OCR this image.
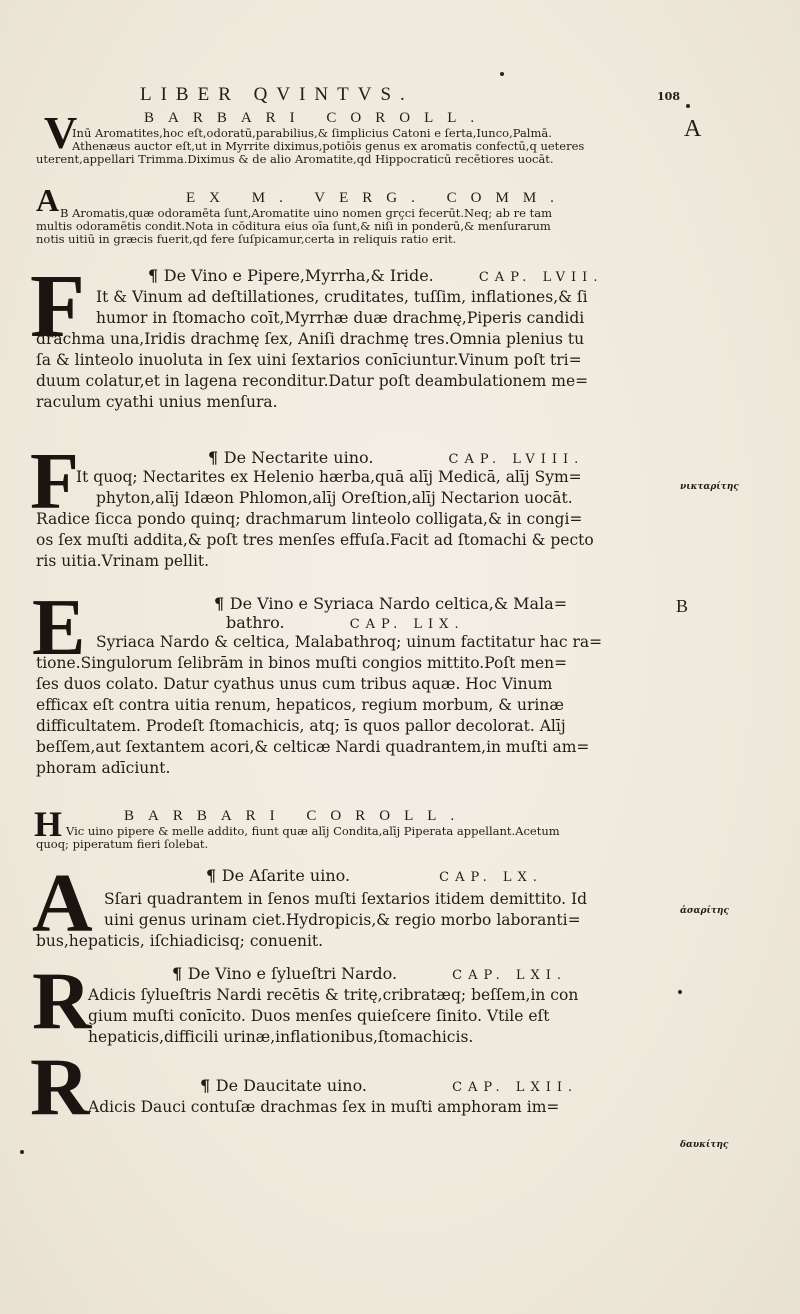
LIBER QVINTVS.	108
A
B
νικταρίτης
ἀσαρίτης
δαυκίτης
V	BARBARI COROLL.
Inū Aromatites,hoc eſt,odoratū,parabilius,& ſimplicius Catoni e ſerta,Iunco,Palmā.
Athenæus auctor eſt,ut in Myrrite diximus,potiōis genus ex aromatis confectū,q ueteres
uterent,appellari Trimma.Diximus & de alio Aromatite,qd Hippocraticū recētiores uocāt.
A	EX M. VERG. COMM.
B Aromatis,quæ odoramēta ſunt,Aromatite uino nomen grçci fecerūt.Neq; ab re tam
multis odoramētis condit.Nota in cōditura eius oīa ſunt,& niſi in ponderū,& menſurarum
notis uitiū in græcis fuerit,qd fere ſuſpicamur,certa in reliquis ratio erit.
F	¶ De Vino e Pipere,Myrrha,& Iride.	CAP. LVII.
It & Vinum ad deſtillationes, cruditates, tuſſim, inflationes,& ſi
humor in ſtomacho coīt,Myrrhæ duæ drachmę,Piperis candidi
drachma una,Iridis drachmę ſex, Aniſi drachmę tres.Omnia plenius tu
ſa & linteolo inuoluta in ſex uini ſextarios conīciuntur.Vinum poſt tri=
duum colatur,et in lagena reconditur.Datur poſt deambulationem me=
raculum cyathi unius menſura.
F	¶ De Nectarite uino.	CAP. LVIII.
It quoq; Nectarites ex Helenio hærba,quā alīj Medicā, alīj Sym=
phyton,alīj Idæon Phlomon,alīj Oreſtion,alīj Nectarion uocāt.
Radice ſicca pondo quinq; drachmarum linteolo colligata,& in congi=
os ſex muſti addita,& poſt tres menſes effuſa.Facit ad ſtomachi & pecto
ris uitia.Vrinam pellit.
E	¶ De Vino e Syriaca Nardo celtica,& Mala=
bathro.	CAP. LIX.
Syriaca Nardo & celtica, Malabathroq; uinum factitatur hac ra=
tione.Singulorum ſelibrām in binos muſti congios mittito.Poſt men=
ſes duos colato. Datur cyathus unus cum tribus aquæ. Hoc Vinum
efficax eſt contra uitia renum, hepaticos, regium morbum, & urinæ
difficultatem. Prodeſt ſtomachicis, atq; īs quos pallor decolorat. Alīj
beſſem,aut ſextantem acori,& celticæ Nardi quadrantem,in muſti am=
phoram adīciunt.
H	BARBARI COROLL.
Vic uino pipere & melle addito, fiunt quæ alīj Condita,alīj Piperata appellant.Acetum
quoq; piperatum fieri ſolebat.
A	¶ De Aſarite uino.	CAP. LX.
Sſari quadrantem in ſenos muſti ſextarios itidem demittito. Id
uini genus urinam ciet.Hydropicis,& regio morbo laboranti=
bus,hepaticis, iſchiadicisq; conuenit.
R	¶ De Vino e ſylueſtri Nardo.	CAP. LXI.
Adicis ſylueſtris Nardi recētis & tritę,cribratæq; beſſem,in con
gium muſti conīcito. Duos menſes quieſcere ſinito. Vtile eſt
hepaticis,difficili urinæ,inflationibus,ſtomachicis.
R	¶ De Daucitate uino.	CAP. LXII.
Adicis Dauci contuſæ drachmas ſex in muſti amphoram im=
